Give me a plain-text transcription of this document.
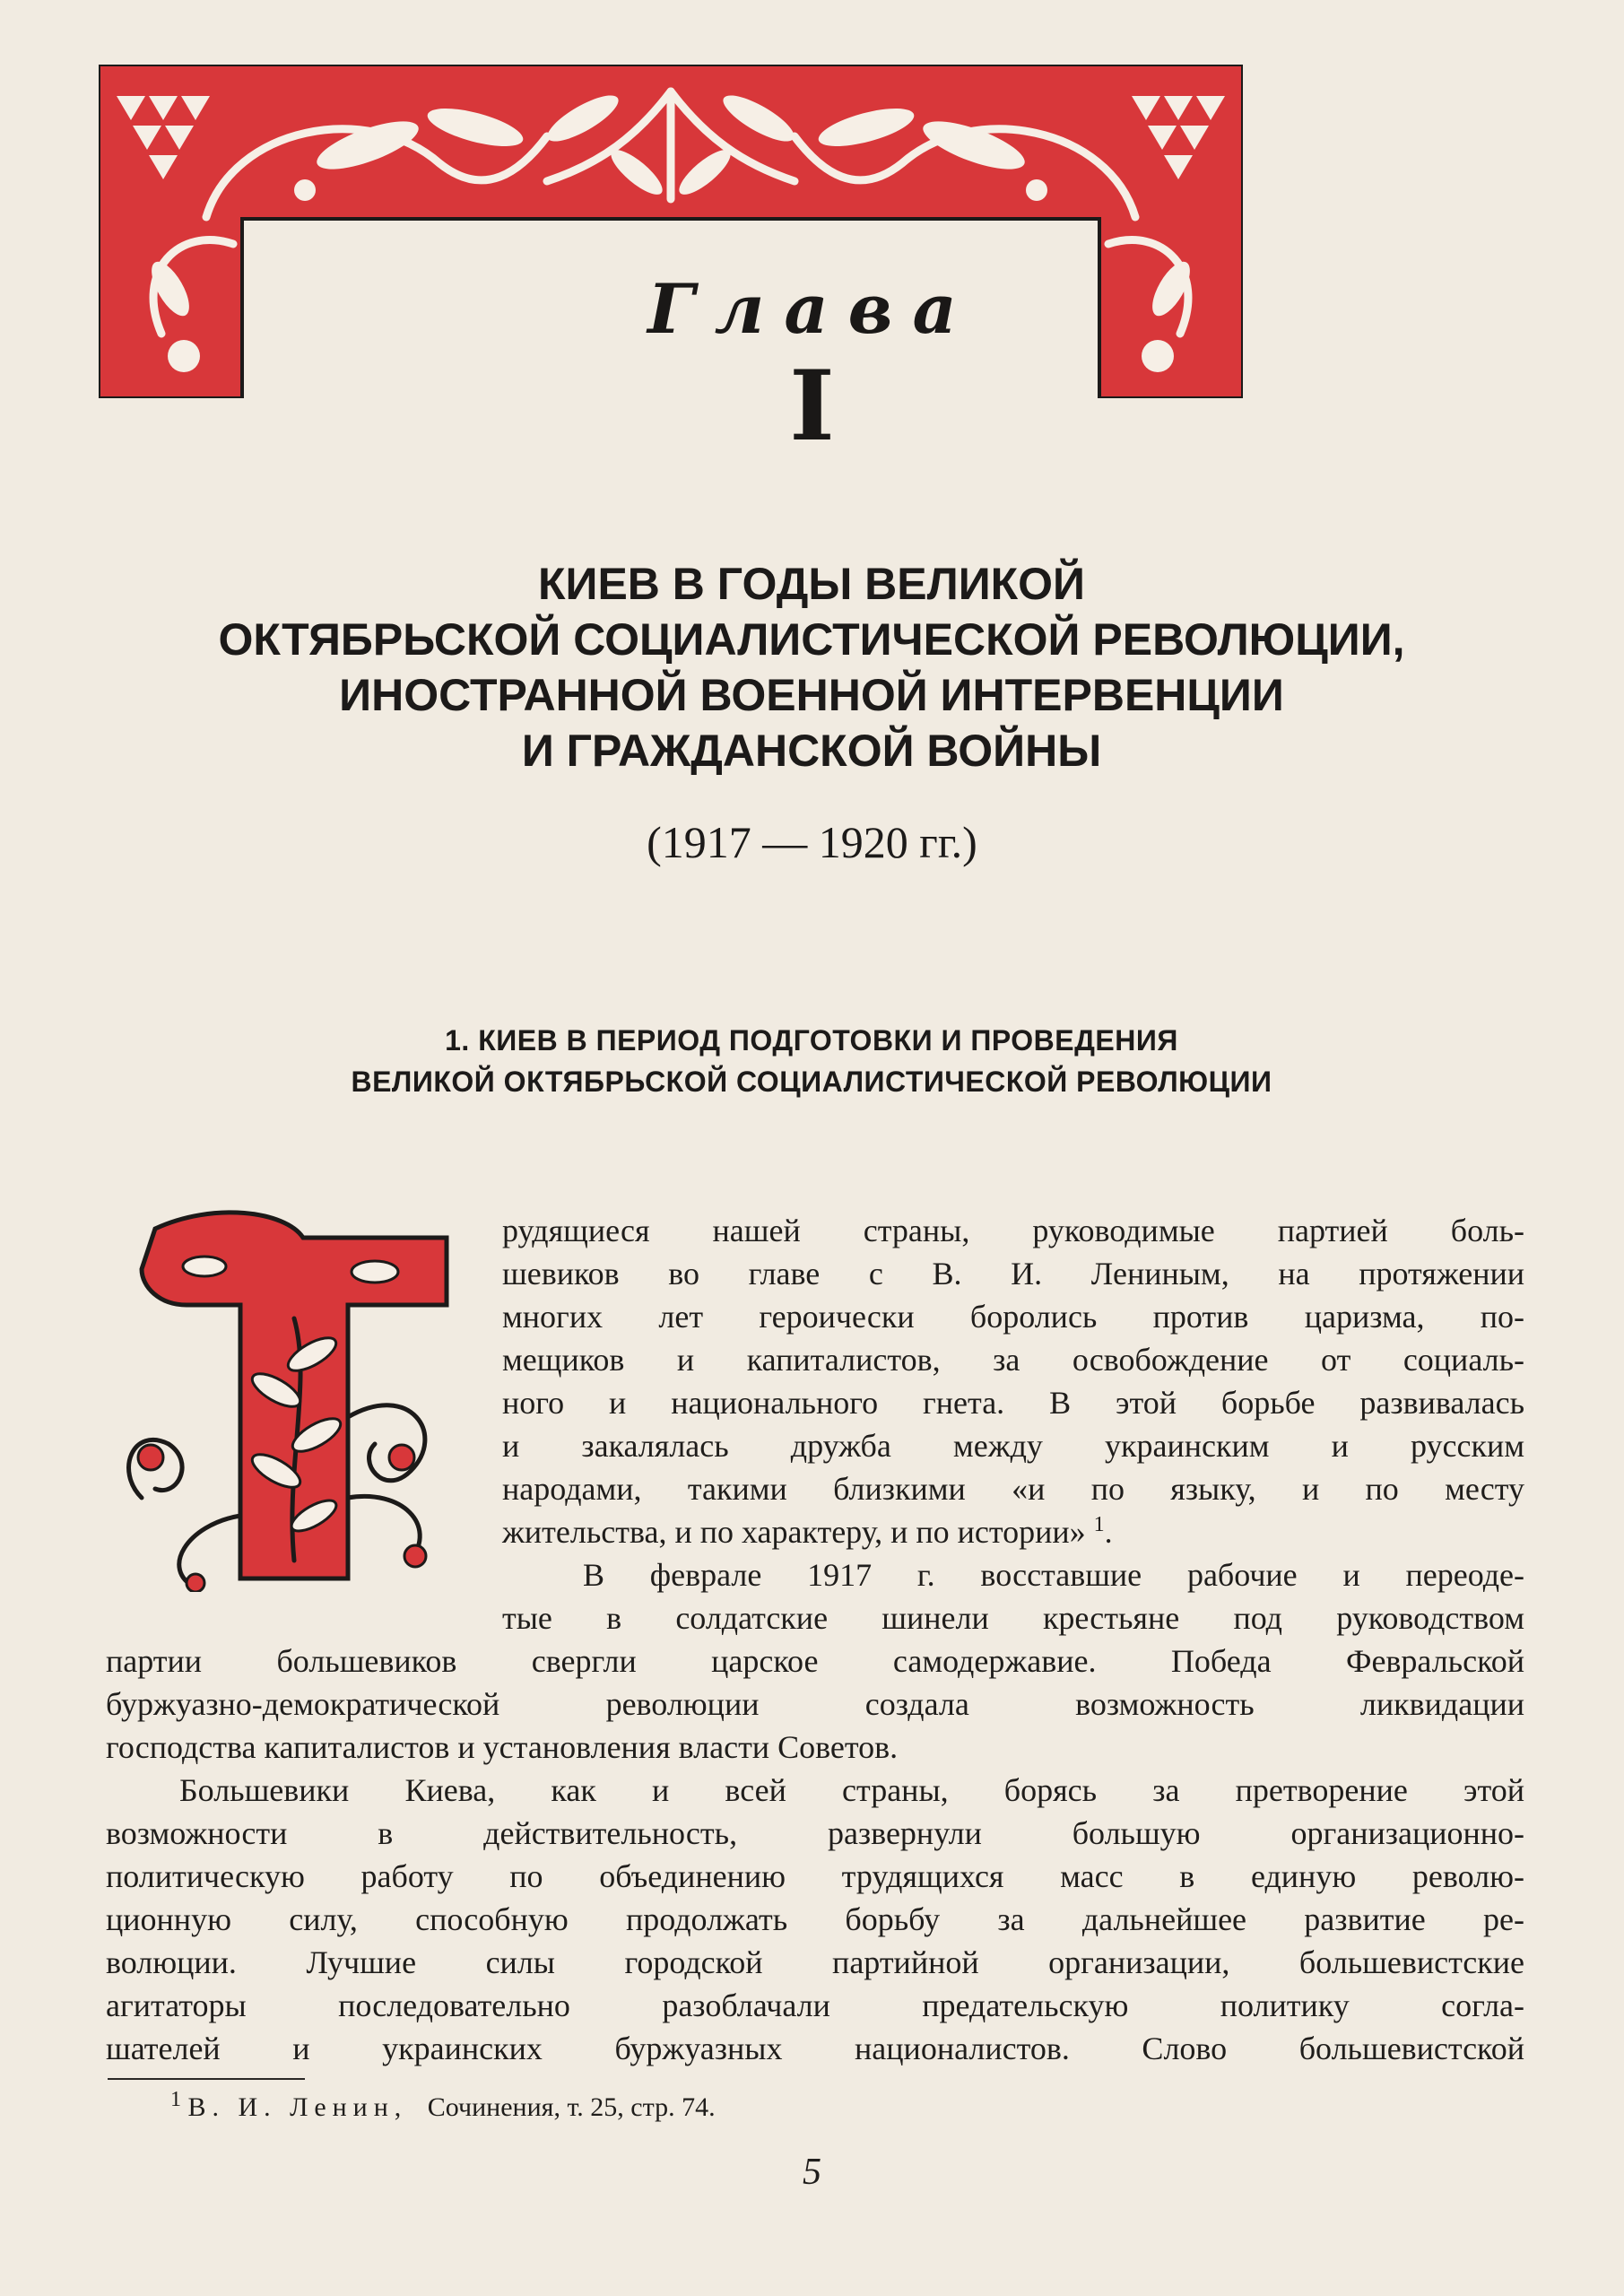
Глава
I
КИЕВ В ГОДЫ ВЕЛИКОЙ
ОКТЯБРЬСКОЙ СОЦИАЛИСТИЧЕСКОЙ РЕВОЛЮЦИИ,
ИНОСТРАННОЙ ВОЕННОЙ ИНТЕРВЕНЦИИ
И ГРАЖДАНСКОЙ ВОЙНЫ
(1917 — 1920 гг.)
1. КИЕВ В ПЕРИОД ПОДГОТОВКИ И ПРОВЕДЕНИЯ
ВЕЛИКОЙ ОКТЯБРЬСКОЙ СОЦИАЛИСТИЧЕСКОЙ РЕВОЛЮЦИИ
рудящиеся нашей страны, руководимые партией боль-
шевиков во главе с В. И. Лениным, на протяжении
многих лет героически боролись против царизма, по-
мещиков и капиталистов, за освобождение от социаль-
ного и национального гнета. В этой борьбе развивалась
и закалялась дружба между украинским и русским
народами, такими близкими «и по языку, и по месту
жительства, и по характеру, и по истории» $^1$.
В феврале 1917 г. восставшие рабочие и переоде-
тые в солдатские шинели крестьяне под руководством
партии большевиков свергли царское самодержавие. Победа Февральской
буржуазно-демократической революции создала возможность ликвидации
господства капиталистов и установления власти Советов.
Большевики Киева, как и всей страны, борясь за претворение этой
возможности в действительность, развернули большую организационно-
политическую работу по объединению трудящихся масс в единую револю-
ционную силу, способную продолжать борьбу за дальнейшее развитие ре-
волюции. Лучшие силы городской партийной организации, большевистские
агитаторы последовательно разоблачали предательскую политику согла-
шателей и украинских буржуазных националистов. Слово большевистской
$^1$ В. И. Ленин, Сочинения, т. 25, стр. 74.
5
